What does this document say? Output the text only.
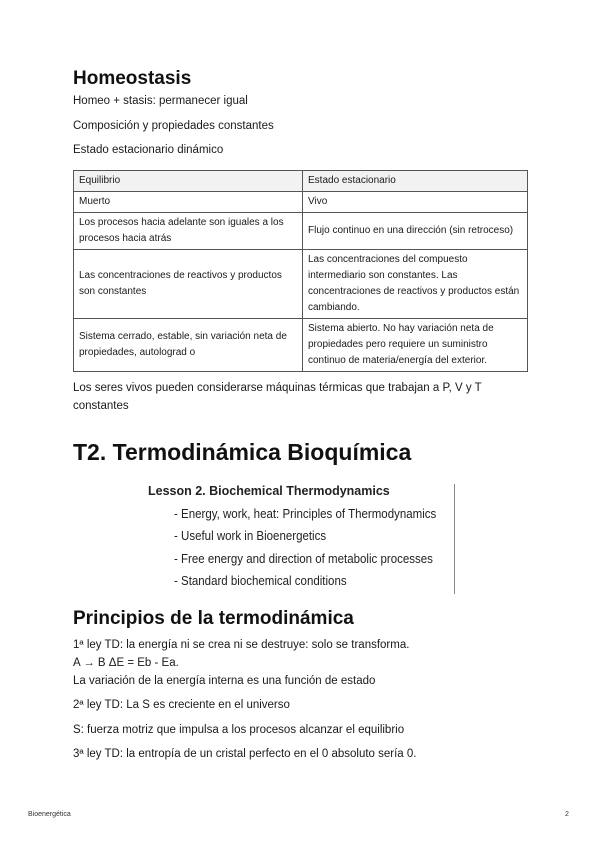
Homeostasis

Homeo + stasis: permanecer igual

Composición y propiedades constantes

Estado estacionario dinámico

Equilibrio	Estado estacionario
Muerto	Vivo
Los procesos hacia adelante son iguales a los procesos hacia atrás	Flujo continuo en una dirección (sin retroceso)
Las concentraciones de reactivos y productos son constantes	Las concentraciones del compuesto intermediario son constantes. Las concentraciones de reactivos y productos están cambiando.
Sistema cerrado, estable, sin variación neta de propiedades, autolograd o	Sistema abierto. No hay variación neta de propiedades pero requiere un suministro continuo de materia/energía del exterior.

Los seres vivos pueden considerarse máquinas térmicas que trabajan a P, V y T

constantes

T2. Termodinámica Bioquímica
Principios de la termodinámica

1ª ley TD: la energía ni se crea ni se destruye: solo se transforma.

A → B ΔE = Eb - Ea.

La variación de la energía interna es una función de estado

2ª ley TD: La S es creciente en el universo

S: fuerza motriz que impulsa a los procesos alcanzar el equilibrio

3ª ley TD: la entropía de un cristal perfecto en el 0 absoluto sería 0.

Lesson 2. Biochemical Thermodynamics
- Energy, work, heat: Principles of Thermodynamics
- Useful work in Bioenergetics
- Free energy and direction of metabolic processes
- Standard biochemical conditions
Bioenergética	2
